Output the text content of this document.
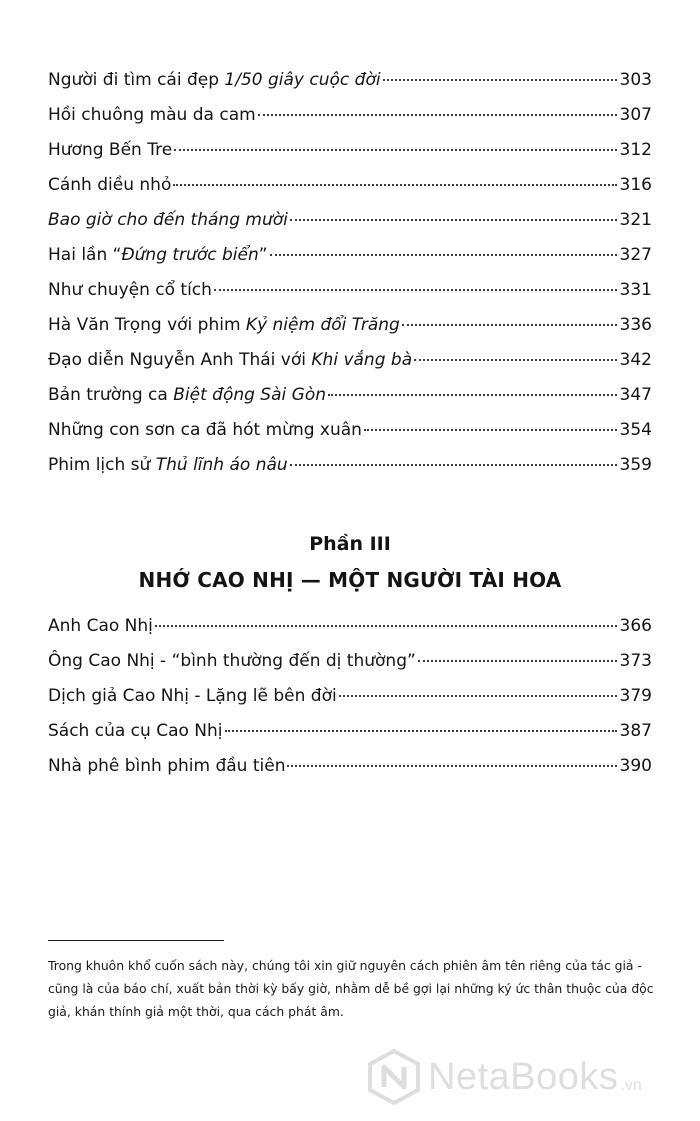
Người đi tìm cái đẹp 1/50 giây cuộc đời	303
Hồi chuông màu da cam	307
Hương Bến Tre	312
Cánh diều nhỏ	316
Bao giờ cho đến tháng mười	321
Hai lần “Đứng trước biển”	327
Như chuyện cổ tích	331
Hà Văn Trọng với phim Kỷ niệm đổi Trăng	336
Đạo diễn Nguyễn Anh Thái với Khi vắng bà	342
Bản trường ca Biệt động Sài Gòn	347
Những con sơn ca đã hót mừng xuân	354
Phim lịch sử Thủ lĩnh áo nâu	359
Phần III
NHỚ CAO NHỊ — MỘT NGƯỜI TÀI HOA
Anh Cao Nhị	366
Ông Cao Nhị - “bình thường đến dị thường”	373
Dịch giả Cao Nhị - Lặng lẽ bên đời	379
Sách của cụ Cao Nhị	387
Nhà phê bình phim đầu tiên	390
Trong khuôn khổ cuốn sách này, chúng tôi xin giữ nguyên cách phiên âm tên riêng của tác giả - cũng là của báo chí, xuất bản thời kỳ bấy giờ, nhằm dễ bề gợi lại những ký ức thân thuộc của độc giả, khán thính giả một thời, qua cách phát âm.
NetaBooks .vn
